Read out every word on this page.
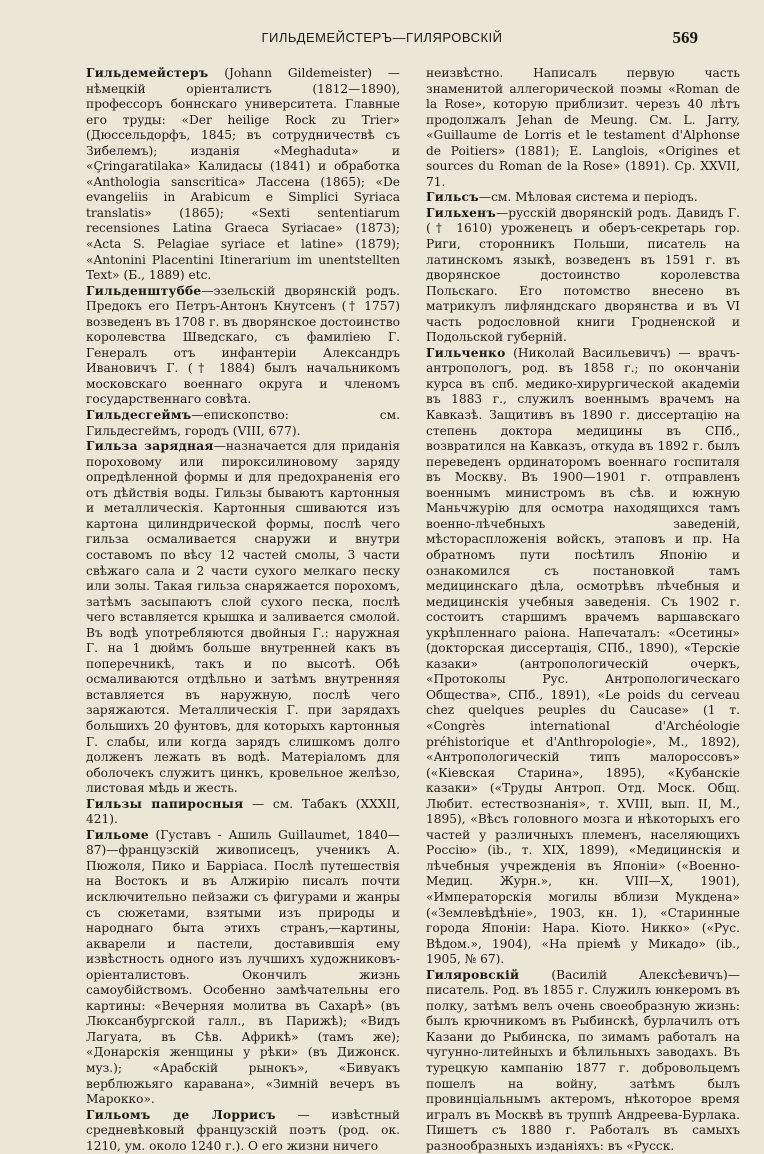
ГИЛЬДЕМЕЙСТЕРЪ—ГИЛЯРОВСКІЙ	569

Гильдемейстеръ (Johann Gildemeister) — нѣмецкій оріенталистъ (1812—1890), профессоръ боннскаго университета. Главные его труды: «Der heilige Rock zu Trier» (Дюссельдорфъ, 1845; въ сотрудничествѣ съ Зибелемъ); изданія «Meghaduta» и «Çringaratilaka» Калидасы (1841) и обработка «Anthologia sanscritica» Лассена (1865); «De evangeliis in Arabicum e Simplici Syriaca translatis» (1865); «Sexti sententiarum recensiones Latina Graeca Syriacae» (1873); «Acta S. Pelagiae syriace et latine» (1879); «Antonini Placentini Itinerarium im unentstellten Text» (Б., 1889) etc.

Гильденштуббе—эзельскій дворянскій родъ. Предокъ его Петръ-Антонъ Кнутсенъ († 1757) возведенъ въ 1708 г. въ дворянское достоинство королевства Шведскаго, съ фамиліею Г. Генералъ отъ инфантеріи Александръ Ивановичъ Г. († 1884) былъ начальникомъ московскаго военнаго округа и членомъ государственнаго совѣта.

Гильдесгеймъ—епископство: см. Гильдесгеймъ, городъ (VIII, 677).

Гильза зарядная—назначается для приданія пороховому или пироксилиновому заряду опредѣленной формы и для предохраненія его отъ дѣйствія воды. Гильзы бываютъ картонныя и металлическія. Картонныя сшиваются изъ картона цилиндрической формы, послѣ чего гильза осмаливается снаружи и внутри составомъ по вѣсу 12 частей смолы, 3 части свѣжаго сала и 2 части сухого мелкаго песку или золы. Такая гильза снаряжается порохомъ, затѣмъ засыпаютъ слой сухого песка, послѣ чего вставляется крышка и заливается смолой. Въ водѣ употребляются двойныя Г.: наружная Г. на 1 дюймъ больше внутренней какъ въ поперечникѣ, такъ и по высотѣ. Обѣ осмаливаются отдѣльно и затѣмъ внутренняя вставляется въ наружную, послѣ чего заряжаются. Металлическія Г. при зарядахъ большихъ 20 фунтовъ, для которыхъ картонныя Г. слабы, или когда зарядъ слишкомъ долго долженъ лежать въ водѣ. Матеріаломъ для оболочекъ служитъ цинкъ, кровельное желѣзо, листовая мѣдь и жесть.

Гильзы папиросныя — см. Табакъ (XXXII, 421).

Гильоме (Густавъ - Ашиль Guillaumet, 1840—87)—французскій живописецъ, ученикъ А. Пюжоля, Пико и Барріаса. Послѣ путешествія на Востокъ и въ Алжирію писалъ почти исключительно пейзажи съ фигурами и жанры съ сюжетами, взятыми изъ природы и народнаго быта этихъ странъ,—картины, акварели и пастели, доставившія ему извѣстность одного изъ лучшихъ художниковъ-оріенталистовъ. Окончилъ жизнь самоубійствомъ. Особенно замѣчательны его картины: «Вечерняя молитва въ Сахарѣ» (въ Люксанбургской галл., въ Парижѣ); «Видъ Лагуата, въ Сѣв. Африкѣ» (тамъ же); «Донарскія женщины у рѣки» (въ Дижонск. муз.); «Арабскій рынокъ», «Бивуакъ верблюжьяго каравана», «Зимній вечеръ въ Марокко».

Гильомъ де Лоррисъ — извѣстный средневѣковый французскій поэтъ (род. ок. 1210, ум. около 1240 г.). О его жизни ничего

неизвѣстно. Написалъ первую часть знаменитой аллегорической поэмы «Roman de la Rose», которую приблизит. черезъ 40 лѣтъ продолжалъ Jehan de Meung. См. L. Jarry, «Guillaume de Lorris et le testament d'Alphonse de Poitiers» (1881); E. Langlois, «Origines et sources du Roman de la Rose» (1891). Ср. XXVII, 71.

Гильсъ—см. Мѣловая система и періодъ.

Гильхенъ—русскій дворянскій родъ. Давидъ Г. († 1610) уроженецъ и оберъ-секретарь гор. Риги, сторонникъ Польши, писатель на латинскомъ языкѣ, возведенъ въ 1591 г. въ дворянское достоинство королевства Польскаго. Его потомство внесено въ матрикулъ лифляндскаго дворянства и въ VI часть родословной книги Гродненской и Подольской губерній.

Гильченко (Николай Васильевичъ) — врачъ-антропологъ, род. въ 1858 г.; по окончаніи курса въ спб. медико-хирургической академіи въ 1883 г., служилъ военнымъ врачемъ на Кавказѣ. Защитивъ въ 1890 г. диссертацію на степень доктора медицины въ СПб., возвратился на Кавказъ, откуда въ 1892 г. былъ переведенъ ординаторомъ военнаго госпиталя въ Москву. Въ 1900—1901 г. отправленъ военнымъ министромъ въ сѣв. и южную Маньчжурію для осмотра находящихся тамъ военно-лѣчебныхъ заведеній, мѣстораспложенія войскъ, этаповъ и пр. На обратномъ пути посѣтилъ Японію и ознакомился съ постановкой тамъ медицинскаго дѣла, осмотрѣвъ лѣчебныя и медицинскія учебныя заведенія. Съ 1902 г. состоитъ старшимъ врачемъ варшавскаго укрѣпленнаго раіона. Напечаталъ: «Осетины» (докторская диссертація, СПб., 1890), «Терскіе казаки» (антропологическій очеркъ, «Протоколы Рус. Антропологическаго Общества», СПб., 1891), «Le poids du cerveau chez quelques peuples du Caucase» (1 т. «Congrès international d'Archéologie préhistorique et d'Anthropologie», М., 1892), «Антропологическій типъ малороссовъ» («Кіевская Старина», 1895), «Кубанскіе казаки» («Труды Антроп. Отд. Моск. Общ. Любит. естествознанія», т. XVIII, вып. II, М., 1895), «Вѣсъ головного мозга и нѣкоторыхъ его частей у различныхъ племенъ, населяющихъ Россію» (ib., т. XIX, 1899), «Медицинскія и лѣчебныя учрежденія въ Японіи» («Военно-Медиц. Журн.», кн. VIII—X, 1901), «Императорскія могилы вблизи Мукдена» («Землевѣдѣніе», 1903, кн. 1), «Старинные города Японіи: Нара. Кіото. Никко» («Рус. Вѣдом.», 1904), «На пріемѣ у Микадо» (ib., 1905, № 67).

Гиляровскій (Василій Алексѣевичъ)—писатель. Род. въ 1855 г. Служилъ юнкеромъ въ полку, затѣмъ велъ очень своеобразную жизнь: былъ крючникомъ въ Рыбинскѣ, бурлачилъ отъ Казани до Рыбинска, по зимамъ работалъ на чугунно-литейныхъ и бѣлильныхъ заводахъ. Въ турецкую кампанію 1877 г. добровольцемъ пошелъ на войну, затѣмъ былъ провинціальнымъ актеромъ, нѣкоторое время игралъ въ Москвѣ въ труппѣ Андреева-Бурлака. Пишетъ съ 1880 г. Работалъ въ самыхъ разнообразныхъ изданіяхъ: въ «Русск.
